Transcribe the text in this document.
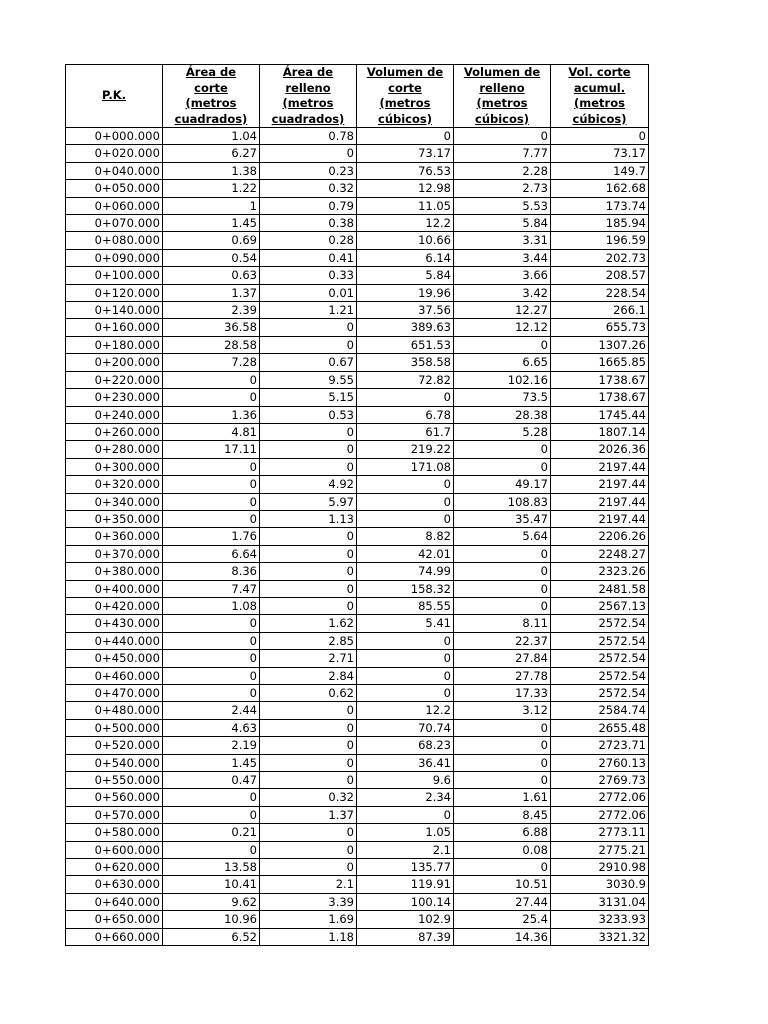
P.K.	Área de
corte
(metros
cuadrados)	Área de
relleno
(metros
cuadrados)	Volumen de
corte
(metros
cúbicos)	Volumen de
relleno
(metros
cúbicos)	Vol. corte
acumul.
(metros
cúbicos)

0+000.000	1.04	0.78	0	0	0
0+020.000	6.27	0	73.17	7.77	73.17
0+040.000	1.38	0.23	76.53	2.28	149.7
0+050.000	1.22	0.32	12.98	2.73	162.68
0+060.000	1	0.79	11.05	5.53	173.74
0+070.000	1.45	0.38	12.2	5.84	185.94
0+080.000	0.69	0.28	10.66	3.31	196.59
0+090.000	0.54	0.41	6.14	3.44	202.73
0+100.000	0.63	0.33	5.84	3.66	208.57
0+120.000	1.37	0.01	19.96	3.42	228.54
0+140.000	2.39	1.21	37.56	12.27	266.1
0+160.000	36.58	0	389.63	12.12	655.73
0+180.000	28.58	0	651.53	0	1307.26
0+200.000	7.28	0.67	358.58	6.65	1665.85
0+220.000	0	9.55	72.82	102.16	1738.67
0+230.000	0	5.15	0	73.5	1738.67
0+240.000	1.36	0.53	6.78	28.38	1745.44
0+260.000	4.81	0	61.7	5.28	1807.14
0+280.000	17.11	0	219.22	0	2026.36
0+300.000	0	0	171.08	0	2197.44
0+320.000	0	4.92	0	49.17	2197.44
0+340.000	0	5.97	0	108.83	2197.44
0+350.000	0	1.13	0	35.47	2197.44
0+360.000	1.76	0	8.82	5.64	2206.26
0+370.000	6.64	0	42.01	0	2248.27
0+380.000	8.36	0	74.99	0	2323.26
0+400.000	7.47	0	158.32	0	2481.58
0+420.000	1.08	0	85.55	0	2567.13
0+430.000	0	1.62	5.41	8.11	2572.54
0+440.000	0	2.85	0	22.37	2572.54
0+450.000	0	2.71	0	27.84	2572.54
0+460.000	0	2.84	0	27.78	2572.54
0+470.000	0	0.62	0	17.33	2572.54
0+480.000	2.44	0	12.2	3.12	2584.74
0+500.000	4.63	0	70.74	0	2655.48
0+520.000	2.19	0	68.23	0	2723.71
0+540.000	1.45	0	36.41	0	2760.13
0+550.000	0.47	0	9.6	0	2769.73
0+560.000	0	0.32	2.34	1.61	2772.06
0+570.000	0	1.37	0	8.45	2772.06
0+580.000	0.21	0	1.05	6.88	2773.11
0+600.000	0	0	2.1	0.08	2775.21
0+620.000	13.58	0	135.77	0	2910.98
0+630.000	10.41	2.1	119.91	10.51	3030.9
0+640.000	9.62	3.39	100.14	27.44	3131.04
0+650.000	10.96	1.69	102.9	25.4	3233.93
0+660.000	6.52	1.18	87.39	14.36	3321.32
